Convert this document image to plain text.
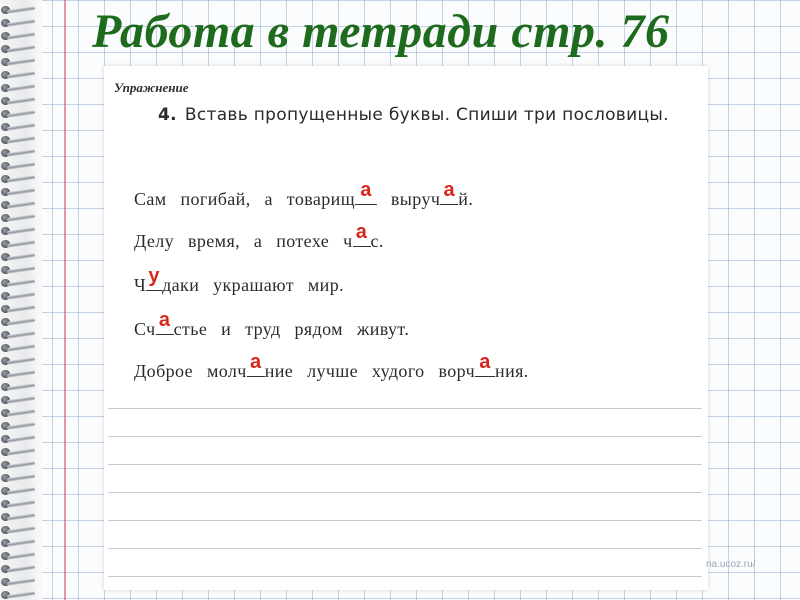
Работа в тетради стр. 76
Упражнение
4. Вставь пропущенные буквы. Спиши три пословицы.
Сам погибай, а товарищ а выруч а й.
Делу время, а потехе ч а с.
Ч у даки украшают мир.
Сч а стье и труд рядом живут.
Доброе молч а ние лучше худого ворч а ния.
na.ucoz.ru/
